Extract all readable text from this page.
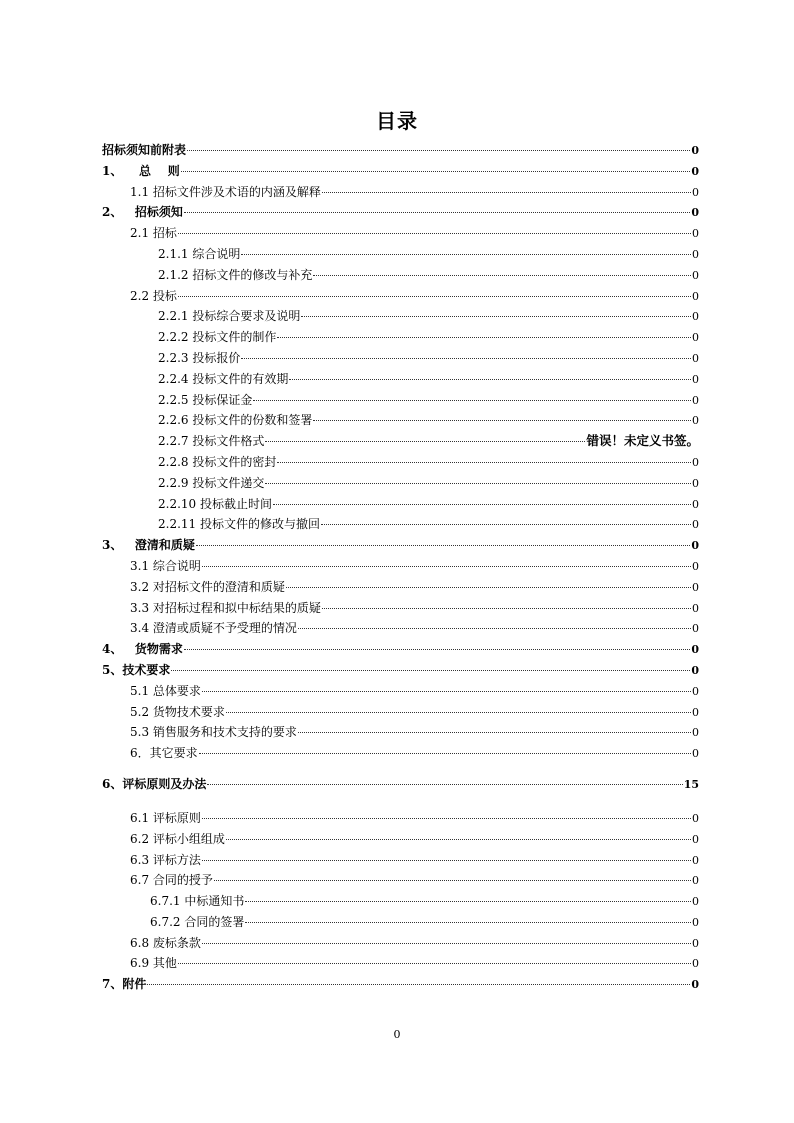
目录
招标须知前附表	0
1、    总    则	0
1.1 招标文件涉及术语的内涵及解释	0
2、   招标须知	0
2.1 招标	0
2.1.1 综合说明	0
2.1.2 招标文件的修改与补充	0
2.2 投标	0
2.2.1 投标综合要求及说明	0
2.2.2 投标文件的制作	0
2.2.3 投标报价	0
2.2.4 投标文件的有效期	0
2.2.5 投标保证金	0
2.2.6 投标文件的份数和签署	0
2.2.7 投标文件格式	错误！未定义书签。
2.2.8 投标文件的密封	0
2.2.9 投标文件递交	0
2.2.10 投标截止时间	0
2.2.11 投标文件的修改与撤回	0
3、   澄清和质疑	0
3.1 综合说明	0
3.2 对招标文件的澄清和质疑	0
3.3 对招标过程和拟中标结果的质疑	0
3.4 澄清或质疑不予受理的情况	0
4、   货物需求	0
5、技术要求	0
5.1 总体要求	0
5.2 货物技术要求	0
5.3 销售服务和技术支持的要求	0
6．其它要求	0
6、评标原则及办法	15
6.1 评标原则	0
6.2 评标小组组成	0
6.3 评标方法	0
6.7 合同的授予	0
6.7.1 中标通知书	0
6.7.2 合同的签署	0
6.8 废标条款	0
6.9 其他	0
7、附件	0
0
